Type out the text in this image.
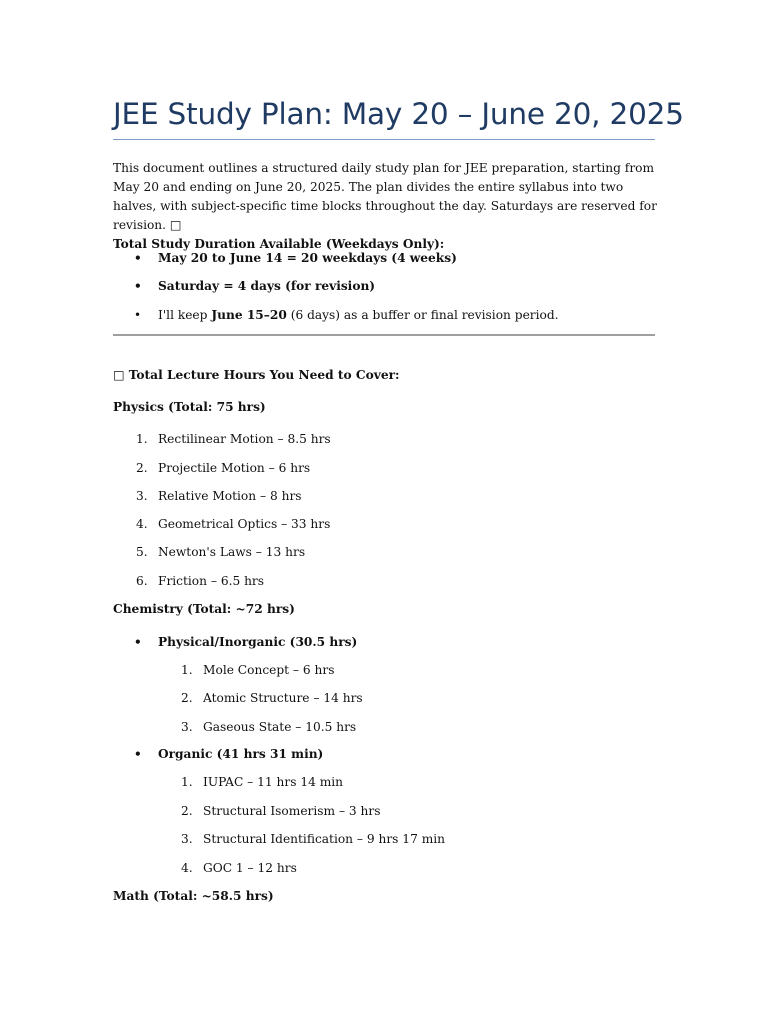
JEE Study Plan: May 20 – June 20, 2025

This document outlines a structured daily study plan for JEE preparation, starting from May 20 and ending on June 20, 2025. The plan divides the entire syllabus into two halves, with subject-specific time blocks throughout the day. Saturdays are reserved for revision. □
Total Study Duration Available (Weekdays Only):

• May 20 to June 14 = 20 weekdays (4 weeks)
• Saturday = 4 days (for revision)
• I'll keep June 15–20 (6 days) as a buffer or final revision period.
□ Total Lecture Hours You Need to Cover:
Physics (Total: 75 hrs)
1. Rectilinear Motion – 8.5 hrs
2. Projectile Motion – 6 hrs
3. Relative Motion – 8 hrs
4. Geometrical Optics – 33 hrs
5. Newton's Laws – 13 hrs
6. Friction – 6.5 hrs
Chemistry (Total: ~72 hrs)
• Physical/Inorganic (30.5 hrs)
1. Mole Concept – 6 hrs
2. Atomic Structure – 14 hrs
3. Gaseous State – 10.5 hrs
• Organic (41 hrs 31 min)
1. IUPAC – 11 hrs 14 min
2. Structural Isomerism – 3 hrs
3. Structural Identification – 9 hrs 17 min
4. GOC 1 – 12 hrs
Math (Total: ~58.5 hrs)
